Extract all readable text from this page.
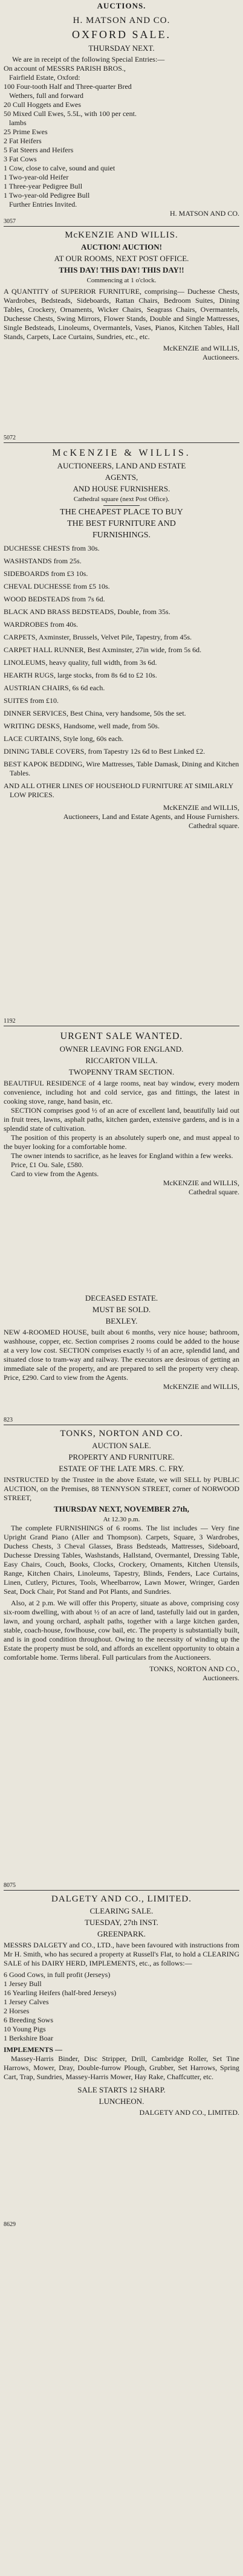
AUCTIONS.
H. MATSON AND CO.
OXFORD SALE.
THURSDAY NEXT.
We are in receipt of the following Special Entries:—
On account of MESSRS PARISH BROS.,
Fairfield Estate, Oxford:
100 Four-tooth Half and Three-quarter Bred
Wethers, full and forward
20 Cull Hoggets and Ewes
50 Mixed Cull Ewes, 5.5L, with 100 per cent.
lambs
25 Prime Ewes
2 Fat Heifers
5 Fat Steers and Heifers
3 Fat Cows
1 Cow, close to calve, sound and quiet
1 Two-year-old Heifer
1 Three-year Pedigree Bull
1 Two-year-old Pedigree Bull
Further Entries Invited.
H. MATSON AND CO.
3057
McKENZIE AND WILLIS.
AUCTION! AUCTION!
AT OUR ROOMS, NEXT POST OFFICE.
THIS DAY! THIS DAY! THIS DAY!!
Commencing at 1 o'clock.
A QUANTITY of SUPERIOR FURNITURE, comprising— Duchesse Chests, Wardrobes, Bedsteads, Sideboards, Rattan Chairs, Bedroom Suites, Dining Tables, Crockery, Ornaments, Wicker Chairs, Seagrass Chairs, Overmantels, Duchesse Chests, Swing Mirrors, Flower Stands, Double and Single Mattresses, Single Bedsteads, Linoleums, Overmantels, Vases, Pianos, Kitchen Tables, Hall Stands, Carpets, Lace Curtains, Sundries, etc., etc.
McKENZIE and WILLIS,
Auctioneers.
5072
McKENZIE & WILLIS.
AUCTIONEERS, LAND AND ESTATE
AGENTS,
AND HOUSE FURNISHERS.
Cathedral square (next Post Office).
THE CHEAPEST PLACE TO BUY
THE BEST FURNITURE AND
FURNISHINGS.
DUCHESSE CHESTS from 30s.
WASHSTANDS from 25s.
SIDEBOARDS from £3 10s.
CHEVAL DUCHESSE from £5 10s.
WOOD BEDSTEADS from 7s 6d.
BLACK AND BRASS BEDSTEADS, Double, from 35s.
WARDROBES from 40s.
CARPETS, Axminster, Brussels, Velvet Pile, Tapestry, from 45s.
CARPET HALL RUNNER, Best Axminster, 27in wide, from 5s 6d.
LINOLEUMS, heavy quality, full width, from 3s 6d.
HEARTH RUGS, large stocks, from 8s 6d to £2 10s.
AUSTRIAN CHAIRS, 6s 6d each.
SUITES from £10.
DINNER SERVICES, Best China, very handsome, 50s the set.
WRITING DESKS, Handsome, well made, from 50s.
LACE CURTAINS, Style long, 60s each.
DINING TABLE COVERS, from Tapestry 12s 6d to Best Linked £2.
BEST KAPOK BEDDING, Wire Mattresses, Table Damask, Dining and Kitchen Tables.
AND ALL OTHER LINES OF HOUSEHOLD FURNITURE AT SIMILARLY LOW PRICES.
McKENZIE and WILLIS,
Auctioneers, Land and Estate Agents, and House Furnishers.
Cathedral square.
1192
URGENT SALE WANTED.
OWNER LEAVING FOR ENGLAND.
RICCARTON VILLA.
TWOPENNY TRAM SECTION.
BEAUTIFUL RESIDENCE of 4 large rooms, neat bay window, every modern convenience, including hot and cold service, gas and fittings, the latest in cooking stove, range, hand basin, etc.
SECTION comprises good ½ of an acre of excellent land, beautifully laid out in fruit trees, lawns, asphalt paths, kitchen garden, extensive gardens, and is in a splendid state of cultivation.
The position of this property is an absolutely superb one, and must appeal to the buyer looking for a comfortable home.
The owner intends to sacrifice, as he leaves for England within a few weeks.
Price, £1 Ou. Sale, £580.
Card to view from the Agents.
McKENZIE and WILLIS,
Cathedral square.
DECEASED ESTATE.
MUST BE SOLD.
BEXLEY.
NEW 4-ROOMED HOUSE, built about 6 months, very nice house; bathroom, washhouse, copper, etc. Section comprises 2 rooms could be added to the house at a very low cost. SECTION comprises exactly ½ of an acre, splendid land, and situated close to tram-way and railway. The executors are desirous of getting an immediate sale of the property, and are prepared to sell the property very cheap. Price, £290. Card to view from the Agents.
McKENZIE and WILLIS,
823
TONKS, NORTON AND CO.
AUCTION SALE.
PROPERTY AND FURNITURE.
ESTATE OF THE LATE MRS. C. FRY.
INSTRUCTED by the Trustee in the above Estate, we will SELL by PUBLIC AUCTION, on the Premises, 88 TENNYSON STREET, corner of NORWOOD STREET,
THURSDAY NEXT, NOVEMBER 27th,
At 12.30 p.m.
The complete FURNISHINGS of 6 rooms. The list includes — Very fine Upright Grand Piano (Aller and Thompson). Carpets, Square, 3 Wardrobes, Duchess Chests, 3 Cheval Glasses, Brass Bedsteads, Mattresses, Sideboard, Duchesse Dressing Tables, Washstands, Hallstand, Overmantel, Dressing Table, Easy Chairs, Couch, Books, Clocks, Crockery, Ornaments, Kitchen Utensils, Range, Kitchen Chairs, Linoleums, Tapestry, Blinds, Fenders, Lace Curtains, Linen, Cutlery, Pictures, Tools, Wheelbarrow, Lawn Mower, Wringer, Garden Seat, Dock Chair, Pot Stand and Pot Plants, and Sundries.
Also, at 2 p.m. We will offer this Property, situate as above, comprising cosy six-room dwelling, with about ½ of an acre of land, tastefully laid out in garden, lawn, and young orchard, asphalt paths, together with a large kitchen garden, stable, coach-house, fowlhouse, cow bail, etc. The property is substantially built, and is in good condition throughout. Owing to the necessity of winding up the Estate the property must be sold, and affords an excellent opportunity to obtain a comfortable home. Terms liberal. Full particulars from the Auctioneers.
TONKS, NORTON AND CO.,
Auctioneers.
8075
DALGETY AND CO., LIMITED.
CLEARING SALE.
TUESDAY, 27th INST.
GREENPARK.
MESSRS DALGETY and CO., LTD., have been favoured with instructions from Mr H. Smith, who has secured a property at Russell's Flat, to hold a CLEARING SALE of his DAIRY HERD, IMPLEMENTS, etc., as follows:—
6 Good Cows, in full profit (Jerseys)
1 Jersey Bull
16 Yearling Heifers (half-bred Jerseys)
1 Jersey Calves
2 Horses
6 Breeding Sows
10 Young Pigs
1 Berkshire Boar
IMPLEMENTS —
Massey-Harris Binder, Disc Stripper, Drill, Cambridge Roller, Set Tine Harrows, Mower, Dray, Double-furrow Plough, Grubber, Set Harrows, Spring Cart, Trap, Sundries, Massey-Harris Mower, Hay Rake, Chaffcutter, etc.
SALE STARTS 12 SHARP.
LUNCHEON.
DALGETY AND CO., LIMITED.
8629
